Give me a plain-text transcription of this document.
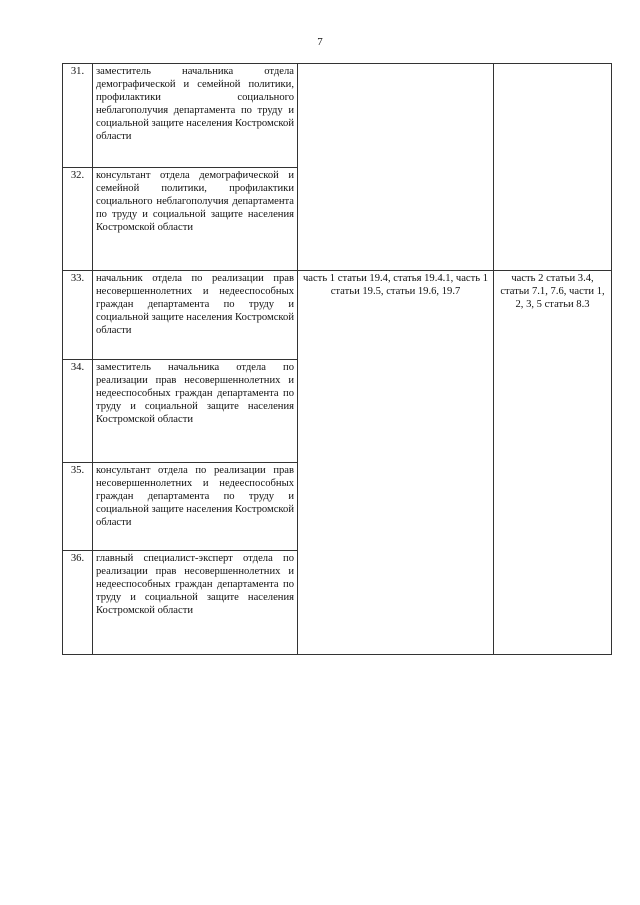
7
31.	заместитель начальника отдела демографической и семейной политики, профилактики социального неблагополучия департамента по труду и социальной защите населения Костромской области		
32.	консультант отдела демографической и семейной политики, профилактики социального неблагополучия департамента по труду и социальной защите населения Костромской области		
33.	начальник отдела по реализации прав несовершеннолетних и недееспособных граждан департамента по труду и социальной защите населения Костромской области	часть 1 статьи 19.4, статья 19.4.1, часть 1 статьи 19.5, статьи 19.6, 19.7	часть 2 статьи 3.4, статьи 7.1, 7.6, части 1, 2, 3, 5 статьи 8.3
34.	заместитель начальника отдела по реализации прав несовершеннолетних и недееспособных граждан департамента по труду и социальной защите населения Костромской области		
35.	консультант отдела по реализации прав несовершеннолетних и недееспособных граждан департамента по труду и социальной защите населения Костромской области		
36.	главный специалист-эксперт отдела по реализации прав несовершеннолетних и недееспособных граждан департамента по труду и социальной защите населения Костромской области		
